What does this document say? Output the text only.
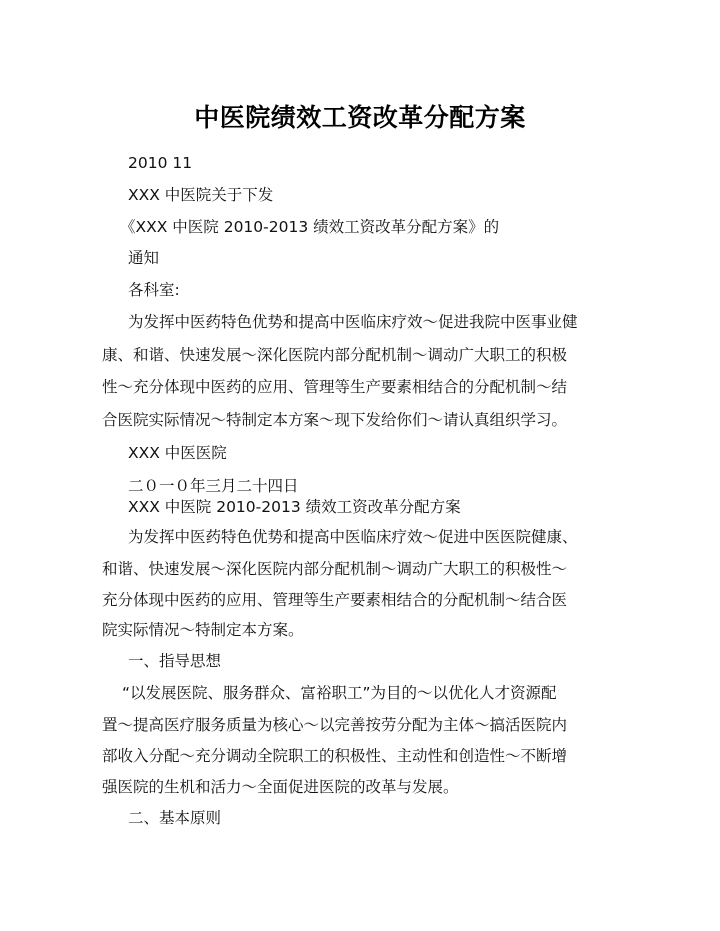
中医院绩效工资改革分配方案

2010 11

XXX 中医院关于下发

《XXX 中医院 2010-2013 绩效工资改革分配方案》的

通知

各科室:

为发挥中医药特色优势和提高中医临床疗效～促进我院中医事业健

康、和谐、快速发展～深化医院内部分配机制～调动广大职工的积极

性～充分体现中医药的应用、管理等生产要素相结合的分配机制～结

合医院实际情况～特制定本方案～现下发给你们～请认真组织学习。

XXX 中医医院

二０一０年三月二十四日

XXX 中医院 2010-2013 绩效工资改革分配方案

为发挥中医药特色优势和提高中医临床疗效～促进中医医院健康、

和谐、快速发展～深化医院内部分配机制～调动广大职工的积极性～

充分体现中医药的应用、管理等生产要素相结合的分配机制～结合医

院实际情况～特制定本方案。

一、指导思想

“以发展医院、服务群众、富裕职工”为目的～以优化人才资源配

置～提高医疗服务质量为核心～以完善按劳分配为主体～搞活医院内

部收入分配～充分调动全院职工的积极性、主动性和创造性～不断增

强医院的生机和活力～全面促进医院的改革与发展。

二、基本原则
